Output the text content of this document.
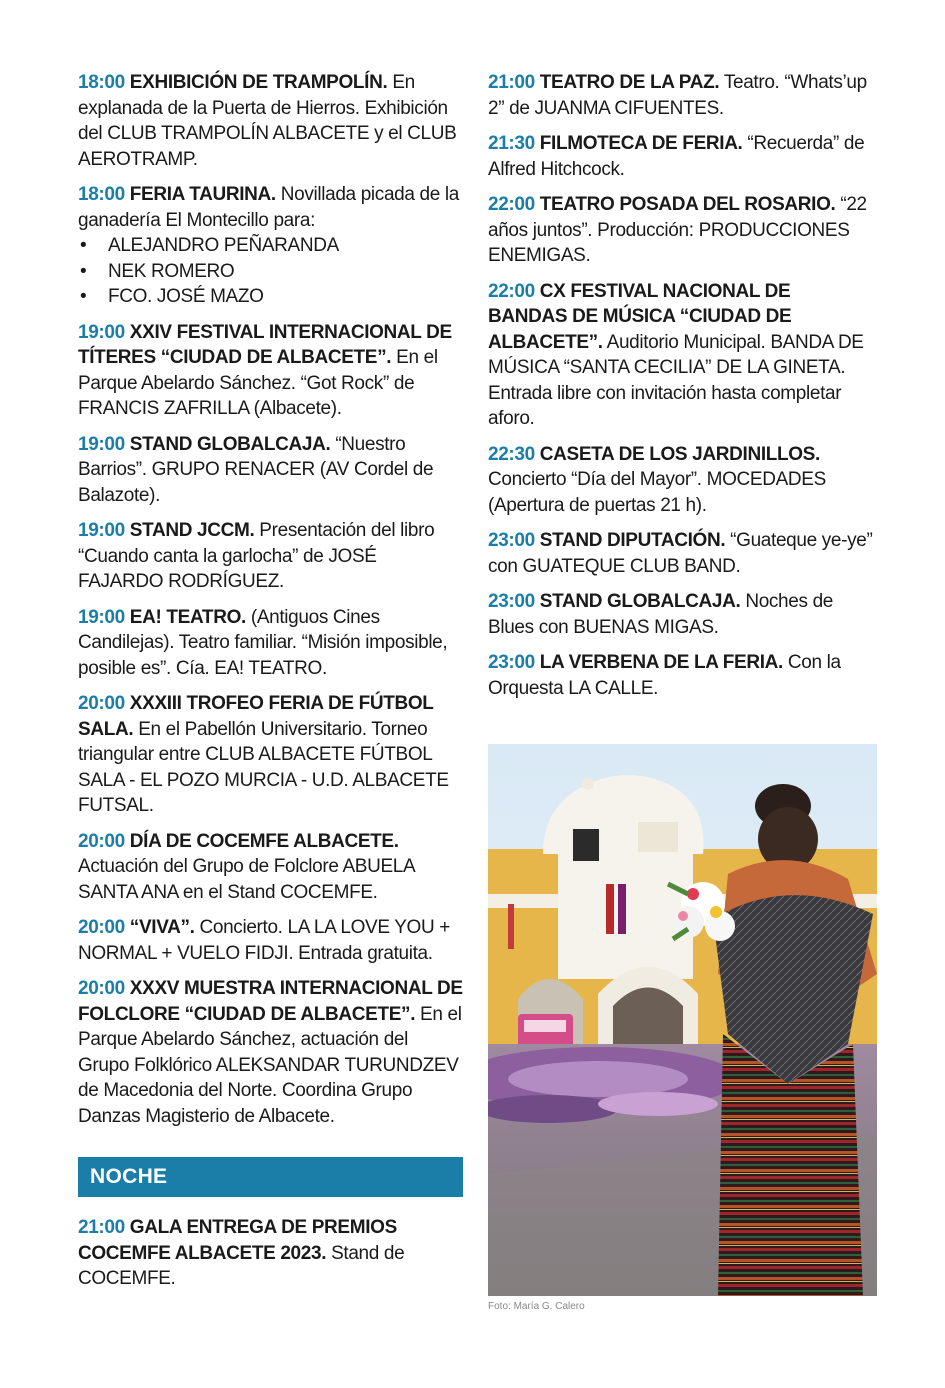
18:00 EXHIBICIÓN DE TRAMPOLÍN. En explanada de la Puerta de Hierros. Exhibición del CLUB TRAMPOLÍN ALBACETE y el CLUB AEROTRAMP.
18:00 FERIA TAURINA. Novillada picada de la ganadería El Montecillo para:
• ALEJANDRO PEÑARANDA
• NEK ROMERO
• FCO. JOSÉ MAZO
19:00 XXIV FESTIVAL INTERNACIONAL DE TÍTERES “CIUDAD DE ALBACETE”. En el Parque Abelardo Sánchez. “Got Rock” de FRANCIS ZAFRILLA (Albacete).
19:00 STAND GLOBALCAJA. “Nuestro Barrios”. GRUPO RENACER (AV Cordel de Balazote).
19:00 STAND JCCM. Presentación del libro “Cuando canta la garlocha” de JOSÉ FAJARDO RODRÍGUEZ.
19:00 EA! TEATRO. (Antiguos Cines Candilejas). Teatro familiar. “Misión imposible, posible es”. Cía. EA! TEATRO.
20:00 XXXIII TROFEO FERIA DE FÚTBOL SALA. En el Pabellón Universitario. Torneo triangular entre CLUB ALBACETE FÚTBOL SALA - EL POZO MURCIA - U.D. ALBACETE FUTSAL.
20:00 DÍA DE COCEMFE ALBACETE. Actuación del Grupo de Folclore ABUELA SANTA ANA en el Stand COCEMFE.
20:00 “VIVA”. Concierto. LA LA LOVE YOU + NORMAL + VUELO FIDJI. Entrada gratuita.
20:00 XXXV MUESTRA INTERNACIONAL DE FOLCLORE “CIUDAD DE ALBACETE”. En el Parque Abelardo Sánchez, actuación del Grupo Folklórico ALEKSANDAR TURUNDZEV de Macedonia del Norte. Coordina Grupo Danzas Magisterio de Albacete.
NOCHE
21:00 GALA ENTREGA DE PREMIOS COCEMFE ALBACETE 2023. Stand de COCEMFE.
21:00 TEATRO DE LA PAZ. Teatro. “Whats’up 2” de JUANMA CIFUENTES.
21:30 FILMOTECA DE FERIA. “Recuerda” de Alfred Hitchcock.
22:00 TEATRO POSADA DEL ROSARIO. “22 años juntos”. Producción: PRODUCCIONES ENEMIGAS.
22:00 CX FESTIVAL NACIONAL DE BANDAS DE MÚSICA “CIUDAD DE ALBACETE”. Auditorio Municipal. BANDA DE MÚSICA “SANTA CECILIA” DE LA GINETA. Entrada libre con invitación hasta completar aforo.
22:30 CASETA DE LOS JARDINILLOS. Concierto “Día del Mayor”. MOCEDADES (Apertura de puertas 21 h).
23:00 STAND DIPUTACIÓN. “Guateque ye-ye” con GUATEQUE CLUB BAND.
23:00 STAND GLOBALCAJA. Noches de Blues con BUENAS MIGAS.
23:00 LA VERBENA DE LA FERIA. Con la Orquesta LA CALLE.
Foto: María G. Calero
